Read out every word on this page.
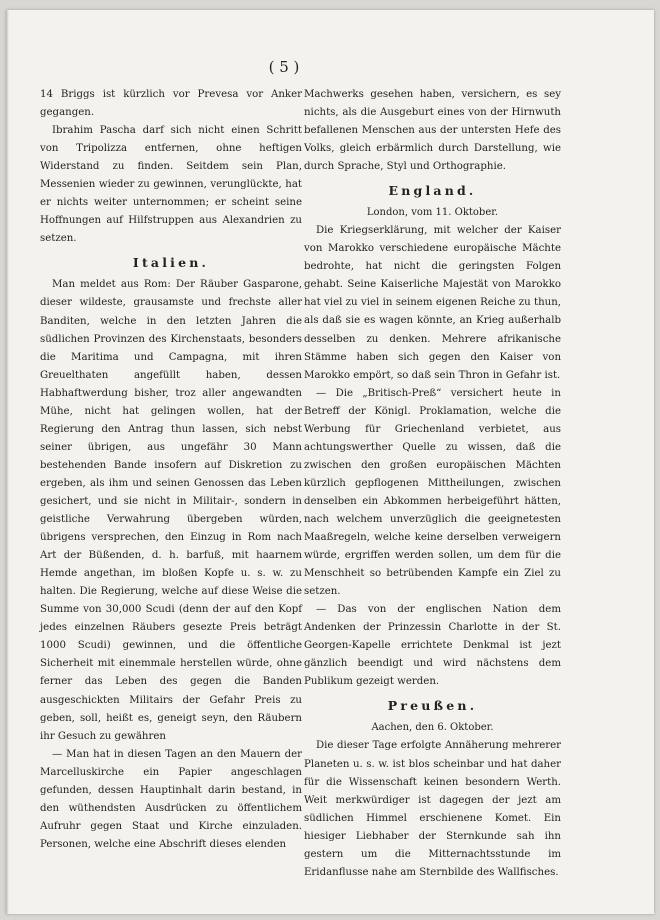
( 5 )

14 Briggs ist kürzlich vor Prevesa vor Anker gegangen.

Ibrahim Pascha darf sich nicht einen Schritt von Tripolizza entfernen, ohne heftigen Widerstand zu finden. Seitdem sein Plan, Messenien wieder zu gewinnen, verunglückte, hat er nichts weiter unternommen; er scheint seine Hoffnungen auf Hilfstruppen aus Alexandrien zu setzen.

Italien.

Man meldet aus Rom: Der Räuber Gasparone, dieser wildeste, grausamste und frechste aller Banditen, welche in den letzten Jahren die südlichen Provinzen des Kirchenstaats, besonders die Maritima und Campagna, mit ihren Greuelthaten angefüllt haben, dessen Habhaftwerdung bisher, troz aller angewandten Mühe, nicht hat gelingen wollen, hat der Regierung den Antrag thun lassen, sich nebst seiner übrigen, aus ungefähr 30 Mann bestehenden Bande insofern auf Diskretion zu ergeben, als ihm und seinen Genossen das Leben gesichert, und sie nicht in Militair-, sondern in geistliche Verwahrung übergeben würden, übrigens versprechen, den Einzug in Rom nach Art der Büßenden, d. h. barfuß, mit haarnem Hemde angethan, im bloßen Kopfe u. s. w. zu halten. Die Regierung, welche auf diese Weise die Summe von 30,000 Scudi (denn der auf den Kopf jedes einzelnen Räubers gesezte Preis beträgt 1000 Scudi) gewinnen, und die öffentliche Sicherheit mit einemmale herstellen würde, ohne ferner das Leben des gegen die Banden ausgeschickten Militairs der Gefahr Preis zu geben, soll, heißt es, geneigt seyn, den Räubern ihr Gesuch zu gewähren

— Man hat in diesen Tagen an den Mauern der Marcelluskirche ein Papier angeschlagen gefunden, dessen Hauptinhalt darin bestand, in den wüthendsten Ausdrücken zu öffentlichem Aufruhr gegen Staat und Kirche einzuladen. Personen, welche eine Abschrift dieses elenden

Machwerks gesehen haben, versichern, es sey nichts, als die Ausgeburt eines von der Hirnwuth befallenen Menschen aus der untersten Hefe des Volks, gleich erbärmlich durch Darstellung, wie durch Sprache, Styl und Orthographie.

England.
London, vom 11. Oktober.

Die Kriegserklärung, mit welcher der Kaiser von Marokko verschiedene europäische Mächte bedrohte, hat nicht die geringsten Folgen gehabt. Seine Kaiserliche Majestät von Marokko hat viel zu viel in seinem eigenen Reiche zu thun, als daß sie es wagen könnte, an Krieg außerhalb desselben zu denken. Mehrere afrikanische Stämme haben sich gegen den Kaiser von Marokko empört, so daß sein Thron in Gefahr ist.

— Die „Britisch-Preß“ versichert heute in Betreff der Königl. Proklamation, welche die Werbung für Griechenland verbietet, aus achtungswerther Quelle zu wissen, daß die zwischen den großen europäischen Mächten kürzlich gepflogenen Mittheilungen, zwischen denselben ein Abkommen herbeigeführt hätten, nach welchem unverzüglich die geeignetesten Maaßregeln, welche keine derselben verweigern würde, ergriffen werden sollen, um dem für die Menschheit so betrübenden Kampfe ein Ziel zu setzen.

— Das von der englischen Nation dem Andenken der Prinzessin Charlotte in der St. Georgen-Kapelle errichtete Denkmal ist jezt gänzlich beendigt und wird nächstens dem Publikum gezeigt werden.

Preußen.
Aachen, den 6. Oktober.

Die dieser Tage erfolgte Annäherung mehrerer Planeten u. s. w. ist blos scheinbar und hat daher für die Wissenschaft keinen besondern Werth. Weit merkwürdiger ist dagegen der jezt am südlichen Himmel erschienene Komet. Ein hiesiger Liebhaber der Sternkunde sah ihn gestern um die Mitternachtsstunde im Eridanflusse nahe am Sternbilde des Wallfisches.
